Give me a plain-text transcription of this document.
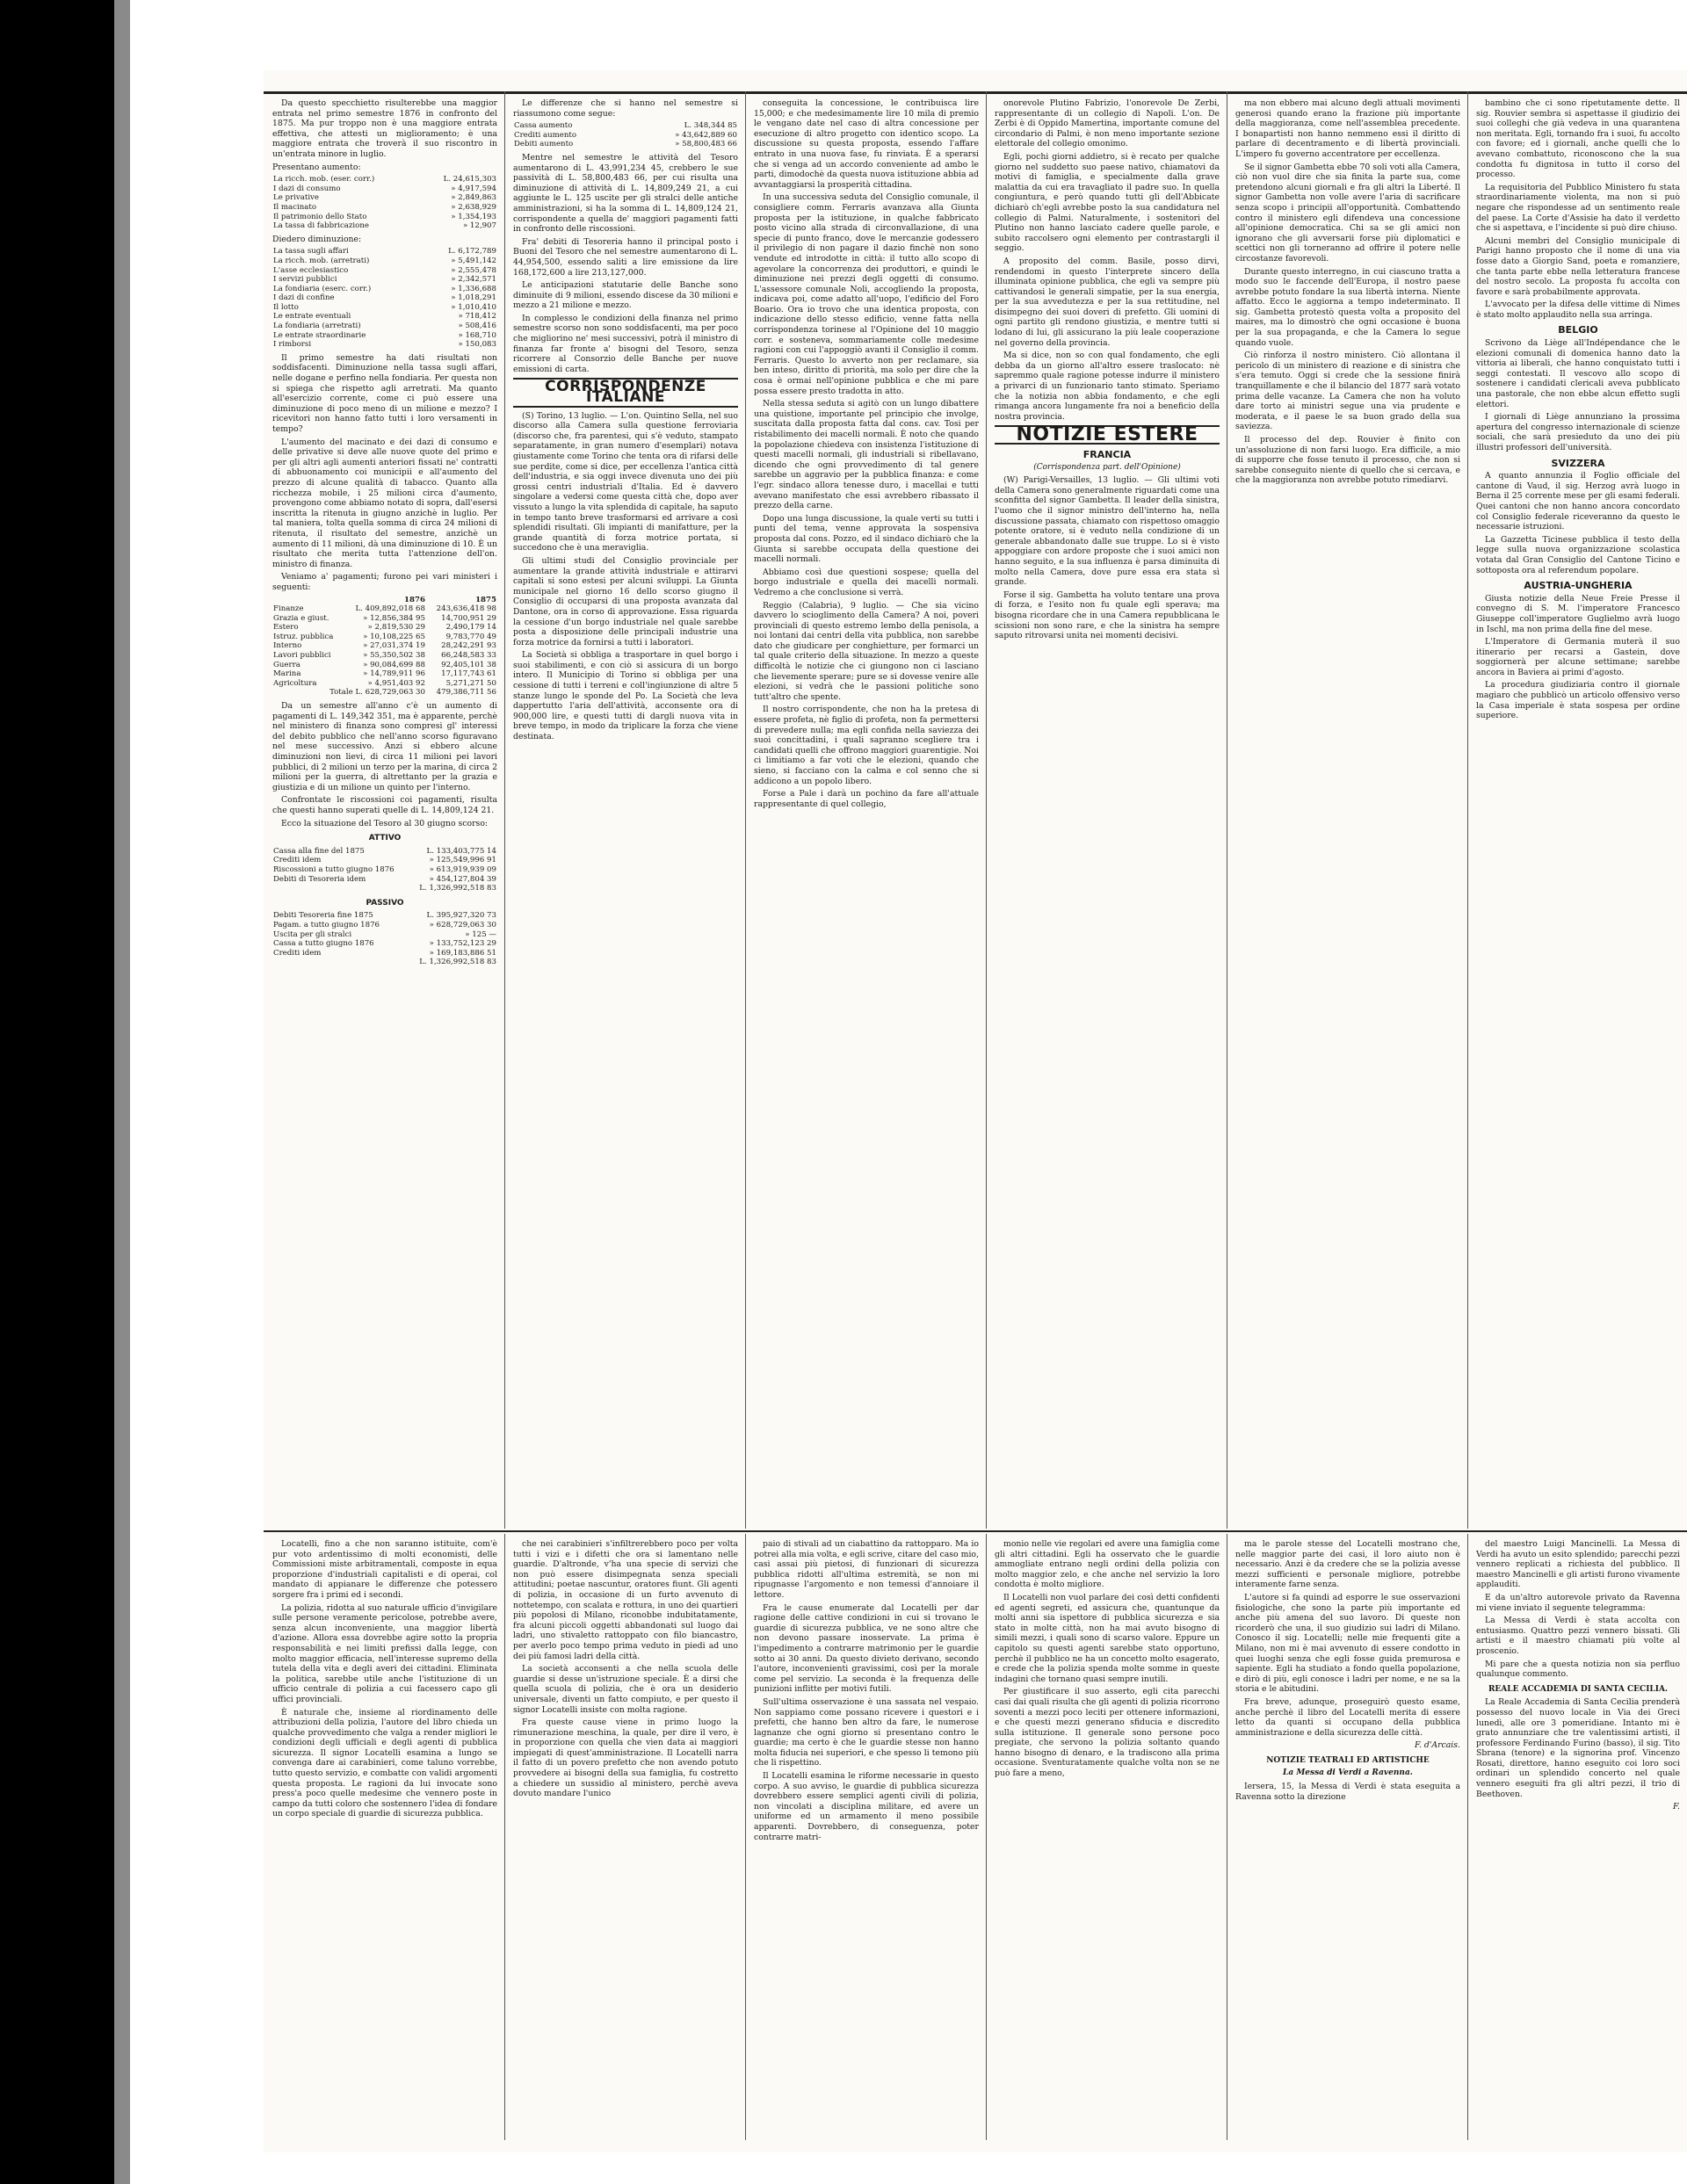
Da questo specchietto risulterebbe una maggior entrata nel primo semestre 1876 in confronto del 1875. Ma pur troppo non è una maggiore entrata effettiva, che attesti un miglioramento; è una maggiore entrata che troverà il suo riscontro in un'entrata minore in luglio.

Presentano aumento:

La ricch. mob. (eser. corr.)	L. 24,615,303
I dazi di consumo	» 4,917,594
Le privative	» 2,849,863
Il macinato	» 2,638,929
Il patrimonio dello Stato	» 1,354,193
La tassa di fabbricazione	» 12,907

Diedero diminuzione:

La tassa sugli affari	L. 6,172,789
La ricch. mob. (arretrati)	» 5,491,142
L'asse ecclesiastico	» 2,555,478
I servizi pubblici	» 2,342,571
La fondiaria (eserc. corr.)	» 1,336,688
I dazi di confine	» 1,018,291
Il lotto	» 1,010,410
Le entrate eventuali	» 718,412
La fondiaria (arretrati)	» 508,416
Le entrate straordinarie	» 168,710
I rimborsi	» 150,083

Il primo semestre ha dati risultati non soddisfacenti. Diminuzione nella tassa sugli affari, nelle dogane e perfino nella fondiaria. Per questa non si spiega che rispetto agli arretrati. Ma quanto all'esercizio corrente, come ci può essere una diminuzione di poco meno di un milione e mezzo? I ricevitori non hanno fatto tutti i loro versamenti in tempo?

L'aumento del macinato e dei dazi di consumo e delle privative si deve alle nuove quote del primo e per gli altri agli aumenti anteriori fissati ne' contratti di abbuonamento coi municipii e all'aumento del prezzo di alcune qualità di tabacco. Quanto alla ricchezza mobile, i 25 milioni circa d'aumento, provengono come abbiamo notato di sopra, dall'esersi inscritta la ritenuta in giugno anzichè in luglio. Per tal maniera, tolta quella somma di circa 24 milioni di ritenuta, il risultato del semestre, anzichè un aumento di 11 milioni, dà una diminuzione di 10. È un risultato che merita tutta l'attenzione dell'on. ministro di finanza.

Veniamo a' pagamenti; furono pei vari ministeri i seguenti:

	1876	1875
Finanze	L. 409,892,018 68	243,636,418 98
Grazia e giust.	» 12,856,384 95	14,700,951 29
Estero	» 2,819,530 29	2,490,179 14
Istruz. pubblica	» 10,108,225 65	9,783,770 49
Interno	» 27,031,374 19	28,242,291 93
Lavori pubblici	» 55,350,502 38	66,248,583 33
Guerra	» 90,084,699 88	92,405,101 38
Marina	» 14,789,911 96	17,117,743 61
Agricoltura	» 4,951,403 92	5,271,271 50
Totale L. 628,729,063 30		479,386,711 56

Da un semestre all'anno c'è un aumento di pagamenti di L. 149,342 351, ma è apparente, perchè nel ministero di finanza sono compresi gl' interessi del debito pubblico che nell'anno scorso figuravano nel mese successivo. Anzi si ebbero alcune diminuzioni non lievi, di circa 11 milioni pei lavori pubblici, di 2 milioni un terzo per la marina, di circa 2 milioni per la guerra, di altrettanto per la grazia e giustizia e di un milione un quinto per l'interno.

Confrontate le riscossioni coi pagamenti, risulta che questi hanno superati quelle di L. 14,809,124 21.

Ecco la situazione del Tesoro al 30 giugno scorso:

ATTIVO
Cassa alla fine del 1875	L. 133,403,775 14
Crediti idem	» 125,549,996 91
Riscossioni a tutto giugno 1876	» 613,919,939 09
Debiti di Tesoreria idem	» 454,127,804 39
	L. 1,326,992,518 83
PASSIVO
Debiti Tesoreria fine 1875	L. 395,927,320 73
Pagam. a tutto giugno 1876	» 628,729,063 30
Uscita per gli stralci	» 125 —
Cassa a tutto giugno 1876	» 133,752,123 29
Crediti idem	» 169,183,886 51
	L. 1,326,992,518 83

Le differenze che si hanno nel semestre si riassumono come segue:

Cassa aumento	L. 348,344 85
Crediti aumento	» 43,642,889 60
Debiti aumento	» 58,800,483 66

Mentre nel semestre le attività del Tesoro aumentarono di L. 43,991,234 45, crebbero le sue passività di L. 58,800,483 66, per cui risulta una diminuzione di attività di L. 14,809,249 21, a cui aggiunte le L. 125 uscite per gli stralci delle antiche amministrazioni, si ha la somma di L. 14,809,124 21, corrispondente a quella de' maggiori pagamenti fatti in confronto delle riscossioni.

Fra' debiti di Tesoreria hanno il principal posto i Buoni del Tesoro che nel semestre aumentarono di L. 44,954,500, essendo saliti a lire emissione da lire 168,172,600 a lire 213,127,000.

Le anticipazioni statutarie delle Banche sono diminuite di 9 milioni, essendo discese da 30 milioni e mezzo a 21 milione e mezzo.

In complesso le condizioni della finanza nel primo semestre scorso non sono soddisfacenti, ma per poco che migliorino ne' mesi successivi, potrà il ministro di finanza far fronte a' bisogni del Tesoro, senza ricorrere al Consorzio delle Banche per nuove emissioni di carta.

CORRISPONDENZE ITALIANE

(S) Torino, 13 luglio. — L'on. Quintino Sella, nel suo discorso alla Camera sulla questione ferroviaria (discorso che, fra parentesi, qui s'è veduto, stampato separatamente, in gran numero d'esemplari) notava giustamente come Torino che tenta ora di rifarsi delle sue perdite, come si dice, per eccellenza l'antica città dell'industria, e sia oggi invece divenuta uno dei più grossi centri industriali d'Italia. Ed è davvero singolare a vedersi come questa città che, dopo aver vissuto a lungo la vita splendida di capitale, ha saputo in tempo tanto breve trasformarsi ed arrivare a così splendidi risultati. Gli impianti di manifatture, per la grande quantità di forza motrice portata, si succedono che è una meraviglia.

Gli ultimi studi del Consiglio provinciale per aumentare la grande attività industriale e attirarvi capitali si sono estesi per alcuni sviluppi. La Giunta municipale nel giorno 16 dello scorso giugno il Consiglio di occuparsi di una proposta avanzata dal Dantone, ora in corso di approvazione. Essa riguarda la cessione d'un borgo industriale nel quale sarebbe posta a disposizione delle principali industrie una forza motrice da fornirsi a tutti i laboratori.

La Società si obbliga a trasportare in quel borgo i suoi stabilimenti, e con ciò si assicura di un borgo intero. Il Municipio di Torino si obbliga per una cessione di tutti i terreni e coll'ingiunzione di altre 5 stanze lungo le sponde del Po. La Società che leva dappertutto l'aria dell'attività, acconsente ora di 900,000 lire, e questi tutti di dargli nuova vita in breve tempo, in modo da triplicare la forza che viene destinata.

conseguita la concessione, le contribuisca lire 15,000; e che medesimamente lire 10 mila di premio le vengano date nel caso di altra concessione per esecuzione di altro progetto con identico scopo. La discussione su questa proposta, essendo l'affare entrato in una nuova fase, fu rinviata. È a sperarsi che si venga ad un accordo conveniente ad ambo le parti, dimodochè da questa nuova istituzione abbia ad avvantaggiarsi la prosperità cittadina.

In una successiva seduta del Consiglio comunale, il consigliere comm. Ferraris avanzava alla Giunta proposta per la istituzione, in qualche fabbricato posto vicino alla strada di circonvallazione, di una specie di punto franco, dove le mercanzie godessero il privilegio di non pagare il dazio finchè non sono vendute ed introdotte in città: il tutto allo scopo di agevolare la concorrenza dei produttori, e quindi le diminuzione nei prezzi degli oggetti di consumo. L'assessore comunale Noli, accogliendo la proposta, indicava poi, come adatto all'uopo, l'edificio del Foro Boario. Ora io trovo che una identica proposta, con indicazione dello stesso edificio, venne fatta nella corrispondenza torinese al l'Opinione del 10 maggio corr. e sosteneva, sommariamente colle medesime ragioni con cui l'appoggiò avanti il Consiglio il comm. Ferraris. Questo lo avverto non per reclamare, sia ben inteso, diritto di priorità, ma solo per dire che la cosa è ormai nell'opinione pubblica e che mi pare possa essere presto tradotta in atto.

Nella stessa seduta si agitò con un lungo dibattere una quistione, importante pel principio che involge, suscitata dalla proposta fatta dal cons. cav. Tosi per ristabilimento dei macelli normali. È noto che quando la popolazione chiedeva con insistenza l'istituzione di questi macelli normali, gli industriali si ribellavano, dicendo che ogni provvedimento di tal genere sarebbe un aggravio per la pubblica finanza: e come l'egr. sindaco allora tenesse duro, i macellai e tutti avevano manifestato che essi avrebbero ribassato il prezzo della carne.

Dopo una lunga discussione, la quale verti su tutti i punti del tema, venne approvata la sospensiva proposta dal cons. Pozzo, ed il sindaco dichiarò che la Giunta si sarebbe occupata della questione dei macelli normali.

Abbiamo così due questioni sospese; quella del borgo industriale e quella dei macelli normali. Vedremo a che conclusione si verrà.

Reggio (Calabria), 9 luglio. — Che sia vicino davvero lo scioglimento della Camera? A noi, poveri provinciali di questo estremo lembo della penisola, a noi lontani dai centri della vita pubblica, non sarebbe dato che giudicare per conghietture, per formarci un tal quale criterio della situazione. In mezzo a queste difficoltà le notizie che ci giungono non ci lasciano che lievemente sperare; pure se si dovesse venire alle elezioni, si vedrà che le passioni politiche sono tutt'altro che spente.

Il nostro corrispondente, che non ha la pretesa di essere profeta, nè figlio di profeta, non fa permettersi di prevedere nulla; ma egli confida nella saviezza dei suoi concittadini, i quali sapranno scegliere tra i candidati quelli che offrono maggiori guarentigie. Noi ci limitiamo a far voti che le elezioni, quando che sieno, si facciano con la calma e col senno che si addicono a un popolo libero.

Forse a Pale i darà un pochino da fare all'attuale rappresentante di quel collegio,

onorevole Plutino Fabrizio, l'onorevole De Zerbi, rappresentante di un collegio di Napoli. L'on. De Zerbi è di Oppido Mamertina, importante comune del circondario di Palmi, è non meno importante sezione elettorale del collegio omonimo.

Egli, pochi giorni addietro, si è recato per qualche giorno nel suddetto suo paese nativo, chiamatovi da motivi di famiglia, e specialmente dalla grave malattia da cui era travagliato il padre suo. In quella congiuntura, e però quando tutti gli dell'Abbicate dichiarò ch'egli avrebbe posto la sua candidatura nel collegio di Palmi. Naturalmente, i sostenitori del Plutino non hanno lasciato cadere quelle parole, e subito raccolsero ogni elemento per contrastargli il seggio.

A proposito del comm. Basile, posso dirvi, rendendomi in questo l'interprete sincero della illuminata opinione pubblica, che egli va sempre più cattivandosi le generali simpatie, per la sua energia, per la sua avvedutezza e per la sua rettitudine, nel disimpegno dei suoi doveri di prefetto. Gli uomini di ogni partito gli rendono giustizia, e mentre tutti si lodano di lui, gli assicurano la più leale cooperazione nel governo della provincia.

Ma si dice, non so con qual fondamento, che egli debba da un giorno all'altro essere traslocato: nè sapremmo quale ragione potesse indurre il ministero a privarci di un funzionario tanto stimato. Speriamo che la notizia non abbia fondamento, e che egli rimanga ancora lungamente fra noi a beneficio della nostra provincia.

NOTIZIE ESTERE
FRANCIA
(Corrispondenza part. dell'Opinione)

(W) Parigi-Versailles, 13 luglio. — Gli ultimi voti della Camera sono generalmente riguardati come una sconfitta del signor Gambetta. Il leader della sinistra, l'uomo che il signor ministro dell'interno ha, nella discussione passata, chiamato con rispettoso omaggio potente oratore, si è veduto nella condizione di un generale abbandonato dalle sue truppe. Lo si è visto appoggiare con ardore proposte che i suoi amici non hanno seguito, e la sua influenza è parsa diminuita di molto nella Camera, dove pure essa era stata sì grande.

Forse il sig. Gambetta ha voluto tentare una prova di forza, e l'esito non fu quale egli sperava; ma bisogna ricordare che in una Camera repubblicana le scissioni non sono rare, e che la sinistra ha sempre saputo ritrovarsi unita nei momenti decisivi.

ma non ebbero mai alcuno degli attuali movimenti generosi quando erano la frazione più importante della maggioranza, come nell'assemblea precedente. I bonapartisti non hanno nemmeno essi il diritto di parlare di decentramento e di libertà provinciali. L'impero fu governo accentratore per eccellenza.

Se il signor Gambetta ebbe 70 soli voti alla Camera, ciò non vuol dire che sia finita la parte sua, come pretendono alcuni giornali e fra gli altri la Liberté. Il signor Gambetta non volle avere l'aria di sacrificare senza scopo i principii all'opportunità. Combattendo contro il ministero egli difendeva una concessione all'opinione democratica. Chi sa se gli amici non ignorano che gli avversarii forse più diplomatici e scettici non gli torneranno ad offrire il potere nelle circostanze favorevoli.

Durante questo interregno, in cui ciascuno tratta a modo suo le faccende dell'Europa, il nostro paese avrebbe potuto fondare la sua libertà interna. Niente affatto. Ecco le aggiorna a tempo indeterminato. Il sig. Gambetta protestò questa volta a proposito del maires, ma lo dimostrò che ogni occasione è buona per la sua propaganda, e che la Camera lo segue quando vuole.

Ciò rinforza il nostro ministero. Ciò allontana il pericolo di un ministero di reazione e di sinistra che s'era temuto. Oggi si crede che la sessione finirà tranquillamente e che il bilancio del 1877 sarà votato prima delle vacanze. La Camera che non ha voluto dare torto ai ministri segue una via prudente e moderata, e il paese le sa buon grado della sua saviezza.

Il processo del dep. Rouvier è finito con un'assoluzione di non farsi luogo. Era difficile, a mio di supporre che fosse tenuto il processo, che non si sarebbe conseguito niente di quello che si cercava, e che la maggioranza non avrebbe potuto rimediarvi.

bambino che ci sono ripetutamente dette. Il sig. Rouvier sembra si aspettasse il giudizio dei suoi colleghi che già vedeva in una quarantena non meritata. Egli, tornando fra i suoi, fu accolto con favore; ed i giornali, anche quelli che lo avevano combattuto, riconoscono che la sua condotta fu dignitosa in tutto il corso del processo.

La requisitoria del Pubblico Ministero fu stata straordinariamente violenta, ma non si può negare che rispondesse ad un sentimento reale del paese. La Corte d'Assisie ha dato il verdetto che si aspettava, e l'incidente si può dire chiuso.

Alcuni membri del Consiglio municipale di Parigi hanno proposto che il nome di una via fosse dato a Giorgio Sand, poeta e romanziere, che tanta parte ebbe nella letteratura francese del nostro secolo. La proposta fu accolta con favore e sarà probabilmente approvata.

L'avvocato per la difesa delle vittime di Nimes è stato molto applaudito nella sua arringa.

BELGIO

Scrivono da Liège all'Indépendance che le elezioni comunali di domenica hanno dato la vittoria ai liberali, che hanno conquistato tutti i seggi contestati. Il vescovo allo scopo di sostenere i candidati clericali aveva pubblicato una pastorale, che non ebbe alcun effetto sugli elettori.

I giornali di Liège annunziano la prossima apertura del congresso internazionale di scienze sociali, che sarà presieduto da uno dei più illustri professori dell'università.

SVIZZERA

A quanto annunzia il Foglio officiale del cantone di Vaud, il sig. Herzog avrà luogo in Berna il 25 corrente mese per gli esami federali. Quei cantoni che non hanno ancora concordato col Consiglio federale riceveranno da questo le necessarie istruzioni.

La Gazzetta Ticinese pubblica il testo della legge sulla nuova organizzazione scolastica votata dal Gran Consiglio del Cantone Ticino e sottoposta ora al referendum popolare.

AUSTRIA-UNGHERIA

Giusta notizie della Neue Freie Presse il convegno di S. M. l'imperatore Francesco Giuseppe coll'imperatore Guglielmo avrà luogo in Ischl, ma non prima della fine del mese.

L'Imperatore di Germania muterà il suo itinerario per recarsi a Gastein, dove soggiornerà per alcune settimane; sarebbe ancora in Baviera ai primi d'agosto.

La procedura giudiziaria contro il giornale magiaro che pubblicò un articolo offensivo verso la Casa imperiale è stata sospesa per ordine superiore.

Locatelli, fino a che non saranno istituite, com'è pur voto ardentissimo di molti economisti, delle Commissioni miste arbitramentali, composte in equa proporzione d'industriali capitalisti e di operai, col mandato di appianare le differenze che potessero sorgere fra i primi ed i secondi.

La polizia, ridotta al suo naturale ufficio d'invigilare sulle persone veramente pericolose, potrebbe avere, senza alcun inconveniente, una maggior libertà d'azione. Allora essa dovrebbe agire sotto la propria responsabilità e nei limiti prefissi dalla legge, con molto maggior efficacia, nell'interesse supremo della tutela della vita e degli averi dei cittadini. Eliminata la politica, sarebbe utile anche l'istituzione di un ufficio centrale di polizia a cui facessero capo gli uffici provinciali.

È naturale che, insieme al riordinamento delle attribuzioni della polizia, l'autore del libro chieda un qualche provvedimento che valga a render migliori le condizioni degli ufficiali e degli agenti di pubblica sicurezza. Il signor Locatelli esamina a lungo se convenga dare ai carabinieri, come taluno vorrebbe, tutto questo servizio, e combatte con validi argomenti questa proposta. Le ragioni da lui invocate sono press'a poco quelle medesime che vennero poste in campo da tutti coloro che sostennero l'idea di fondare un corpo speciale di guardie di sicurezza pubblica.

che nei carabinieri s'infiltrerebbero poco per volta tutti i vizi e i difetti che ora si lamentano nelle guardie. D'altronde, v'ha una specie di servizi che non può essere disimpegnata senza speciali attitudini; poetae nascuntur, oratores fiunt. Gli agenti di polizia, in occasione di un furto avvenuto di nottetempo, con scalata e rottura, in uno dei quartieri più popolosi di Milano, riconobbe indubitatamente, fra alcuni piccoli oggetti abbandonati sul luogo dai ladri, uno stivaletto rattoppato con filo biancastro, per averlo poco tempo prima veduto in piedi ad uno dei più famosi ladri della città.

La società acconsenti a che nella scuola delle guardie si desse un'istruzione speciale. È a dirsi che quella scuola di polizia, che è ora un desiderio universale, diventi un fatto compiuto, e per questo il signor Locatelli insiste con molta ragione.

Fra queste cause viene in primo luogo la rimunerazione meschina, la quale, per dire il vero, è in proporzione con quella che vien data ai maggiori impiegati di quest'amministrazione. Il Locatelli narra il fatto di un povero prefetto che non avendo potuto provvedere ai bisogni della sua famiglia, fu costretto a chiedere un sussidio al ministero, perchè aveva dovuto mandare l'unico

paio di stivali ad un ciabattino da rattopparo. Ma io potrei alla mia volta, e egli scrive, citare del caso mio, casi assai più pietosi, di funzionari di sicurezza pubblica ridotti all'ultima estremità, se non mi ripugnasse l'argomento e non temessi d'annoiare il lettore.

Fra le cause enumerate dal Locatelli per dar ragione delle cattive condizioni in cui si trovano le guardie di sicurezza pubblica, ve ne sono altre che non devono passare inosservate. La prima è l'impedimento a contrarre matrimonio per le guardie sotto ai 30 anni. Da questo divieto derivano, secondo l'autore, inconvenienti gravissimi, così per la morale come pel servizio. La seconda è la frequenza delle punizioni inflitte per motivi futili.

Sull'ultima osservazione è una sassata nel vespaio. Non sappiamo come possano ricevere i questori e i prefetti, che hanno ben altro da fare, le numerose lagnanze che ogni giorno si presentano contro le guardie; ma certo è che le guardie stesse non hanno molta fiducia nei superiori, e che spesso li temono più che li rispettino.

Il Locatelli esamina le riforme necessarie in questo corpo. A suo avviso, le guardie di pubblica sicurezza dovrebbero essere semplici agenti civili di polizia, non vincolati a disciplina militare, ed avere un uniforme ed un armamento il meno possibile apparenti. Dovrebbero, di conseguenza, poter contrarre matri-

monio nelle vie regolari ed avere una famiglia come gli altri cittadini. Egli ha osservato che le guardie ammogliate entrano negli ordini della polizia con molto maggior zelo, e che anche nel servizio la loro condotta è molto migliore.

Il Locatelli non vuol parlare dei così detti confidenti ed agenti segreti, ed assicura che, quantunque da molti anni sia ispettore di pubblica sicurezza e sia stato in molte città, non ha mai avuto bisogno di simili mezzi, i quali sono di scarso valore. Eppure un capitolo su questi agenti sarebbe stato opportuno, perchè il pubblico ne ha un concetto molto esagerato, e crede che la polizia spenda molte somme in queste indagini che tornano quasi sempre inutili.

Per giustificare il suo asserto, egli cita parecchi casi dai quali risulta che gli agenti di polizia ricorrono soventi a mezzi poco leciti per ottenere informazioni, e che questi mezzi generano sfiducia e discredito sulla istituzione. Il generale sono persone poco pregiate, che servono la polizia soltanto quando hanno bisogno di denaro, e la tradiscono alla prima occasione. Sventuratamente qualche volta non se ne può fare a meno,

ma le parole stesse del Locatelli mostrano che, nelle maggior parte dei casi, il loro aiuto non è necessario. Anzi è da credere che se la polizia avesse mezzi sufficienti e personale migliore, potrebbe interamente farne senza.

L'autore si fa quindi ad esporre le sue osservazioni fisiologiche, che sono la parte più importante ed anche più amena del suo lavoro. Di queste non ricorderò che una, il suo giudizio sui ladri di Milano. Conosco il sig. Locatelli; nelle mie frequenti gite a Milano, non mi è mai avvenuto di essere condotto in quei luoghi senza che egli fosse guida premurosa e sapiente. Egli ha studiato a fondo quella popolazione, e dirò di più, egli conosce i ladri per nome, e ne sa la storia e le abitudini.

Fra breve, adunque, proseguirò questo esame, anche perchè il libro del Locatelli merita di essere letto da quanti si occupano della pubblica amministrazione e della sicurezza delle città.

F. d'Arcais.
NOTIZIE TEATRALI ED ARTISTICHE
La Messa di Verdi a Ravenna.

Iersera, 15, la Messa di Verdi è stata eseguita a Ravenna sotto la direzione

del maestro Luigi Mancinelli. La Messa di Verdi ha avuto un esito splendido; parecchi pezzi vennero replicati a richiesta del pubblico. Il maestro Mancinelli e gli artisti furono vivamente applauditi.

E da un'altro autorevole privato da Ravenna mi viene inviato il seguente telegramma:

La Messa di Verdi è stata accolta con entusiasmo. Quattro pezzi vennero bissati. Gli artisti e il maestro chiamati più volte al proscenio.

Mi pare che a questa notizia non sia perfluo qualunque commento.

REALE ACCADEMIA DI SANTA CECILIA.

La Reale Accademia di Santa Cecilia prenderà possesso del nuovo locale in Via dei Greci lunedì, alle ore 3 pomeridiane. Intanto mi è grato annunziare che tre valentissimi artisti, il professore Ferdinando Furino (basso), il sig. Tito Sbrana (tenore) e la signorina prof. Vincenzo Rosati, direttore, hanno eseguito coi loro soci ordinari un splendido concerto nel quale vennero eseguiti fra gli altri pezzi, il trio di Beethoven.

F.
